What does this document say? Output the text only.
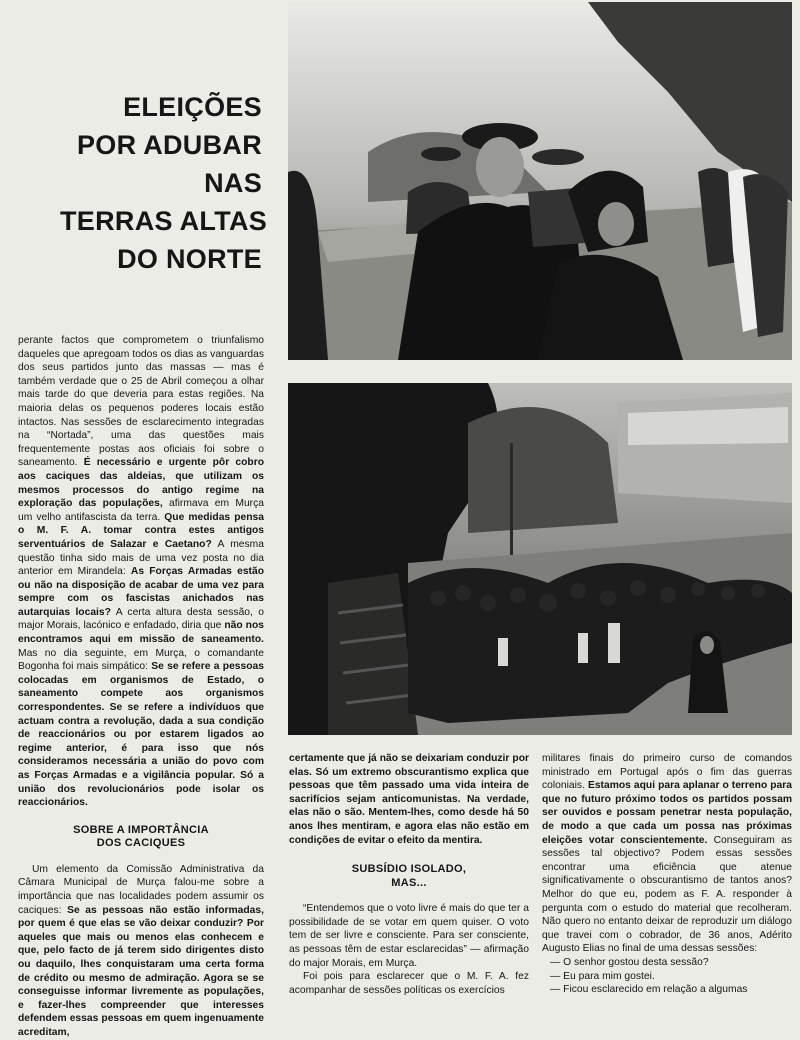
ELEIÇÕES
POR ADUBAR
NAS
TERRAS ALTAS
DO NORTE

perante factos que comprometem o triunfalismo daqueles que apregoam todos os dias as vanguardas dos seus partidos junto das massas — mas é também verdade que o 25 de Abril começou a olhar mais tarde do que deveria para estas regiões. Na maioria delas os pequenos poderes locais estão intactos. Nas sessões de esclarecimento integradas na “Nortada”, uma das questões mais frequentemente postas aos oficiais foi sobre o saneamento. É necessário e urgente pôr cobro aos caciques das aldeias, que utilizam os mesmos processos do antigo regime na exploração das populações, afirmava em Murça um velho antifascista da terra. Que medidas pensa o M. F. A. tomar contra estes antigos serventuários de Salazar e Caetano? A mesma questão tinha sido mais de uma vez posta no dia anterior em Mirandela: As Forças Armadas estão ou não na disposição de acabar de uma vez para sempre com os fascistas anichados nas autarquias locais? A certa altura desta sessão, o major Morais, lacónico e enfadado, diria que não nos encontramos aqui em missão de saneamento. Mas no dia seguinte, em Murça, o comandante Bogonha foi mais simpático: Se se refere a pessoas colocadas em organismos de Estado, o saneamento compete aos organismos correspondentes. Se se refere a indivíduos que actuam contra a revolução, dada a sua condição de reaccionários ou por estarem ligados ao regime anterior, é para isso que nós consideramos necessária a união do povo com as Forças Armadas e a vigilância popular. Só a união dos revolucionários pode isolar os reaccionários.

SOBRE A IMPORTÂNCIA
DOS CACIQUES

Um elemento da Comissão Administrativa da Câmara Municipal de Murça falou-me sobre a importância que nas localidades podem assumir os caciques: Se as pessoas não estão informadas, por quem é que elas se vão deixar conduzir? Por aqueles que mais ou menos elas conhecem e que, pelo facto de já terem sido dirigentes disto ou daquilo, lhes conquistaram uma certa forma de crédito ou mesmo de admiração. Agora se se conseguisse informar livremente as populações, e fazer-lhes compreender que interesses defendem essas pessoas em quem ingenuamente acreditam,

certamente que já não se deixariam conduzir por elas. Só um extremo obscurantismo explica que pessoas que têm passado uma vida inteira de sacrifícios sejam anticomunistas. Na verdade, elas não o são. Mentem-lhes, como desde há 50 anos lhes mentiram, e agora elas não estão em condições de evitar o efeito da mentira.

SUBSÍDIO ISOLADO,
MAS...

“Entendemos que o voto livre é mais do que ter a possibilidade de se votar em quem quiser. O voto tem de ser livre e consciente. Para ser consciente, as pessoas têm de estar esclarecidas” — afirmação do major Morais, em Murça.

Foi pois para esclarecer que o M. F. A. fez acompanhar de sessões políticas os exercícios

militares finais do primeiro curso de comandos ministrado em Portugal após o fim das guerras coloniais. Estamos aqui para aplanar o terreno para que no futuro próximo todos os partidos possam ser ouvidos e possam penetrar nesta população, de modo a que cada um possa nas próximas eleições votar conscientemente. Conseguiram as sessões tal objectivo? Podem essas sessões encontrar uma eficiência que atenue significativamente o obscurantismo de tantos anos? Melhor do que eu, podem as F. A. responder à pergunta com o estudo do material que recolheram. Não quero no entanto deixar de reproduzir um diálogo que travei com o cobrador, de 36 anos, Adérito Augusto Elias no final de uma dessas sessões:

— O senhor gostou desta sessão?

— Eu para mim gostei.

— Ficou esclarecido em relação a algumas
